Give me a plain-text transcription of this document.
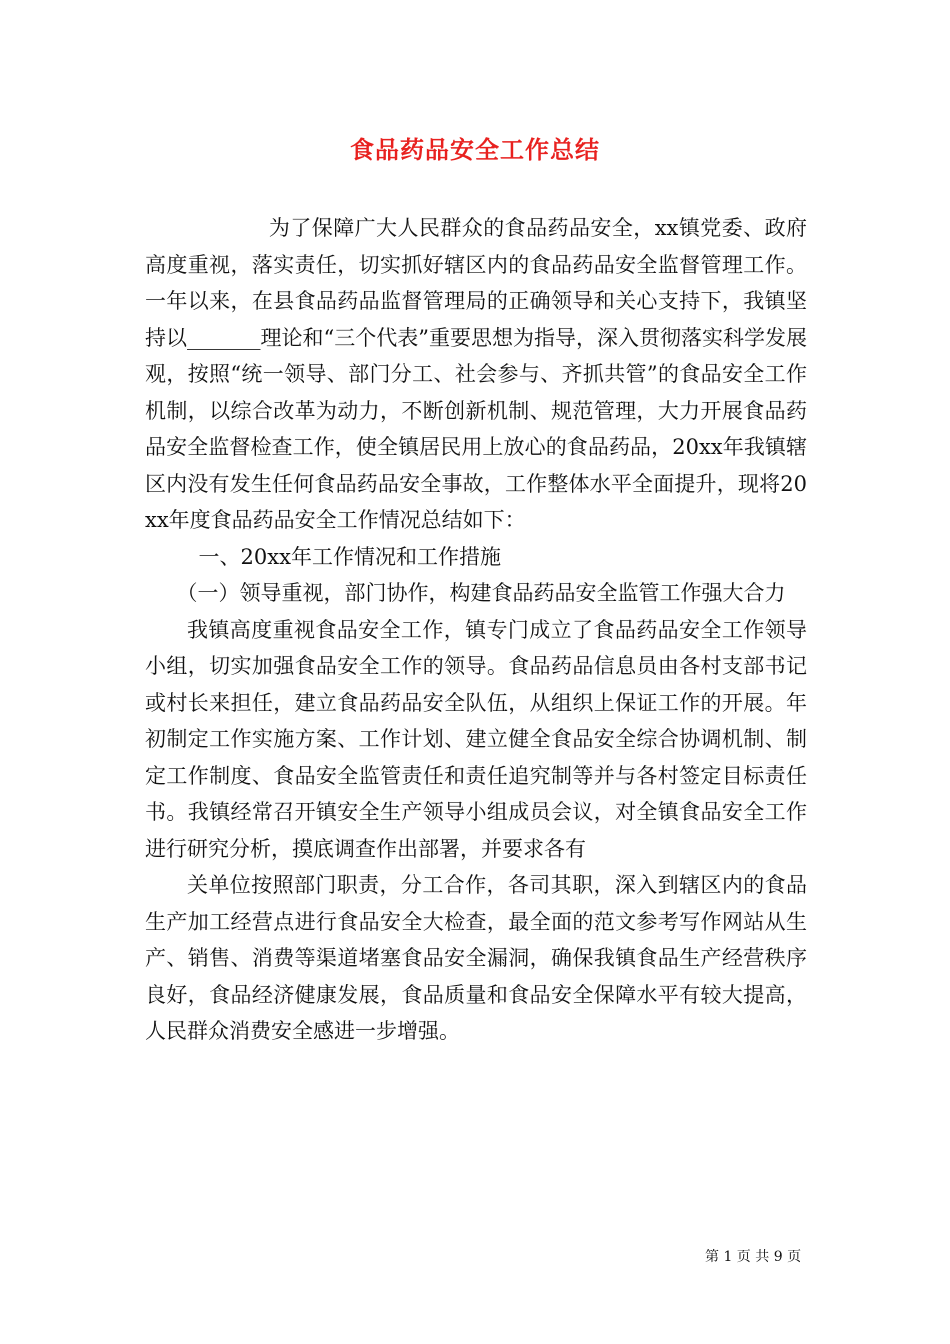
食品药品安全工作总结

为了保障广大人民群众的食品药品安全，xx镇党委、政府高度重视，落实责任，切实抓好辖区内的食品药品安全监督管理工作。一年以来，在县食品药品监督管理局的正确领导和关心支持下，我镇坚持以_______理论和“三个代表”重要思想为指导，深入贯彻落实科学发展观，按照“统一领导、部门分工、社会参与、齐抓共管”的食品安全工作机制，以综合改革为动力，不断创新机制、规范管理，大力开展食品药品安全监督检查工作，使全镇居民用上放心的食品药品，20xx年我镇辖区内没有发生任何食品药品安全事故，工作整体水平全面提升，现将20xx年度食品药品安全工作情况总结如下：

一、20xx年工作情况和工作措施

（一）领导重视，部门协作，构建食品药品安全监管工作强大合力

我镇高度重视食品安全工作，镇专门成立了食品药品安全工作领导小组，切实加强食品安全工作的领导。食品药品信息员由各村支部书记或村长来担任，建立食品药品安全队伍，从组织上保证工作的开展。年初制定工作实施方案、工作计划、建立健全食品安全综合协调机制、制定工作制度、食品安全监管责任和责任追究制等并与各村签定目标责任书。我镇经常召开镇安全生产领导小组成员会议，对全镇食品安全工作进行研究分析，摸底调查作出部署，并要求各有

关单位按照部门职责，分工合作，各司其职，深入到辖区内的食品生产加工经营点进行食品安全大检查，最全面的范文参考写作网站从生产、销售、消费等渠道堵塞食品安全漏洞，确保我镇食品生产经营秩序良好，食品经济健康发展，食品质量和食品安全保障水平有较大提高，人民群众消费安全感进一步增强。

第 1 页 共 9 页
